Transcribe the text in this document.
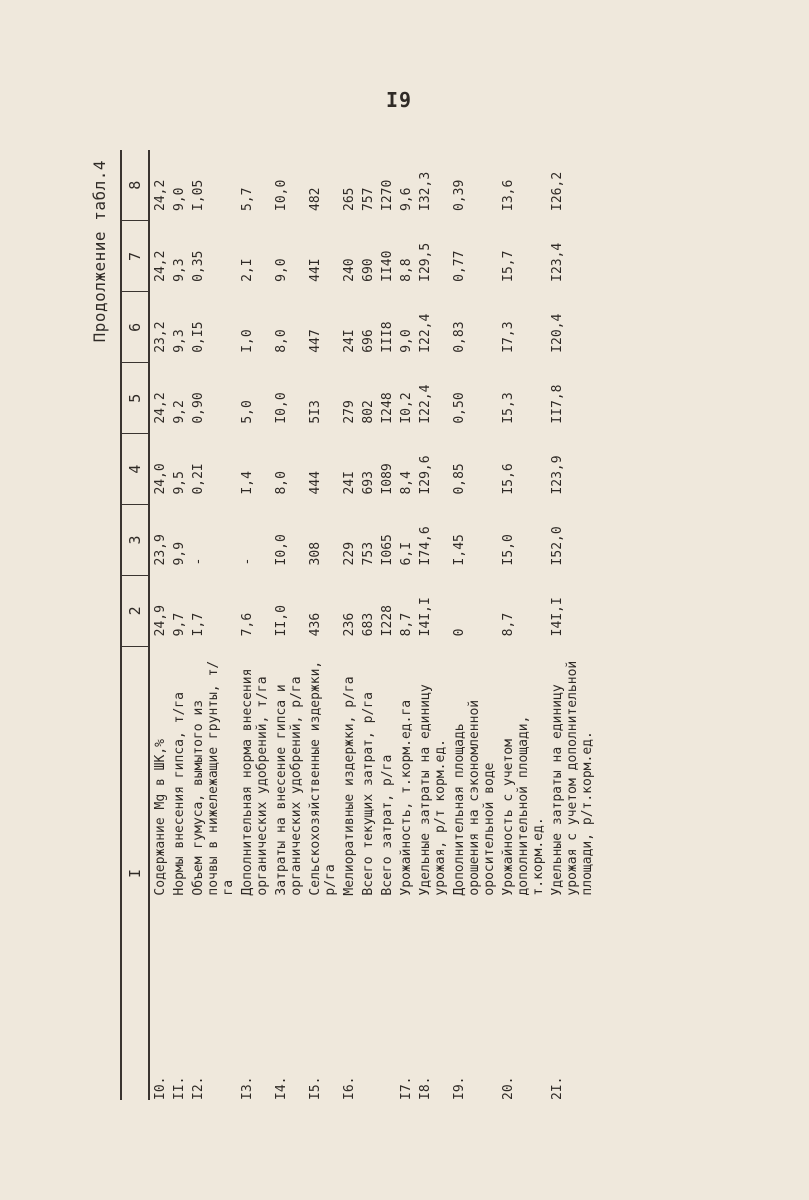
I9
Продолжение табл.4
I		2	3	4	5	6	7	8
I0.	Содержание Mg в ШК,%	24,9	23,9	24,0	24,2	23,2	24,2	24,2
II.	Нормы внесения гипса, т/га	9,7	9,9	9,5	9,2	9,3	9,3	9,0
I2.	Объем гумуса, вымытого из почвы в нижележащие грунты, т/га	I,7	-	0,2I	0,90	0,I5	0,35	I,05
I3.	Дополнительная норма внесения органических удобрений, т/га	7,6	-	I,4	5,0	I,0	2,I	5,7
I4.	Затраты на внесение гипса и органических удобрений, р/га	II,0	I0,0	8,0	I0,0	8,0	9,0	I0,0
I5.	Сельскохозяйственные издержки, р/га	436	308	444	5I3	447	44I	482
I6.	Мелиоративные издержки, р/га	236	229	24I	279	24I	240	265
	Всего текущих затрат, р/га	683	753	693	802	696	690	757
	Всего затрат, р/га	I228	I065	I089	I248	III8	II40	I270
I7.	Урожайность, т.корм.ед.га	8,7	6,I	8,4	I0,2	9,0	8,8	9,6
I8.	Удельные затраты на единицу урожая, р/т корм.ед.	I4I,I	I74,6	I29,6	I22,4	I22,4	I29,5	I32,3
I9.	Дополнительная площадь орошения на сэкономленной оросительной воде	0	I,45	0,85	0,50	0,83	0,77	0,39
20.	Урожайность с учетом дополнительной площади, т.корм.ед.	8,7	I5,0	I5,6	I5,3	I7,3	I5,7	I3,6
2I.	Удельные затраты на единицу урожая с учетом дополнительной площади, р/т.корм.ед.	I4I,I	I52,0	I23,9	II7,8	I20,4	I23,4	I26,2
